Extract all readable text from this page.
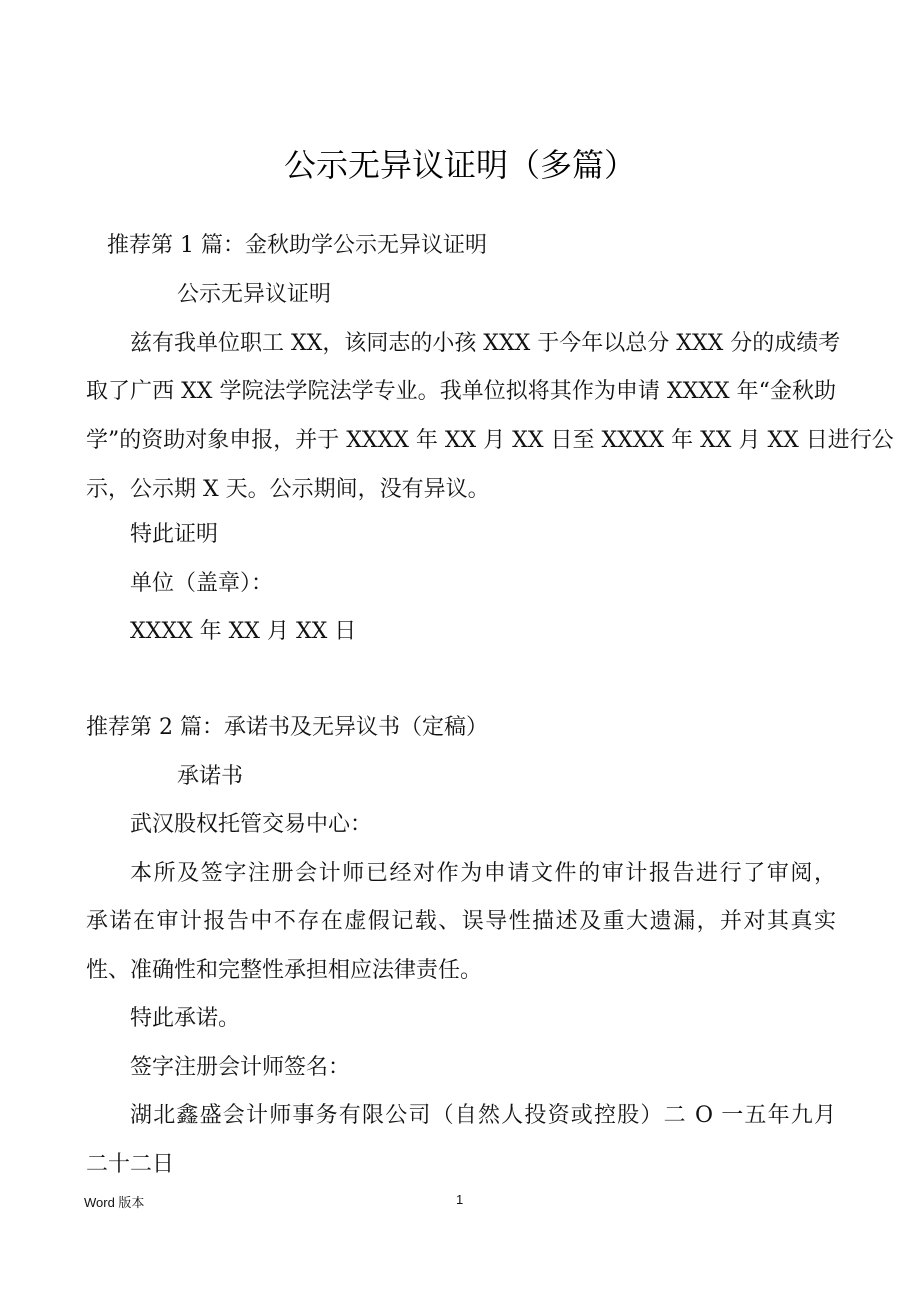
公示无异议证明（多篇）
推荐第 1 篇：金秋助学公示无异议证明
公示无异议证明
兹有我单位职工 XX，该同志的小孩 XXX 于今年以总分 XXX 分的成绩考
取了广西 XX 学院法学院法学专业。我单位拟将其作为申请 XXXX 年“金秋助
学”的资助对象申报，并于 XXXX 年 XX 月 XX 日至 XXXX 年 XX 月 XX 日进行公
示，公示期 X 天。公示期间，没有异议。
特此证明
单位（盖章）：
XXXX 年 XX 月 XX 日
推荐第 2 篇：承诺书及无异议书（定稿）
承诺书
武汉股权托管交易中心：
本所及签字注册会计师已经对作为申请文件的审计报告进行了审阅，
承诺在审计报告中不存在虚假记载、误导性描述及重大遗漏，并对其真实
性、准确性和完整性承担相应法律责任。
特此承诺。
签字注册会计师签名：
湖北鑫盛会计师事务有限公司（自然人投资或控股）二 O 一五年九月
二十二日
Word 版本	1
